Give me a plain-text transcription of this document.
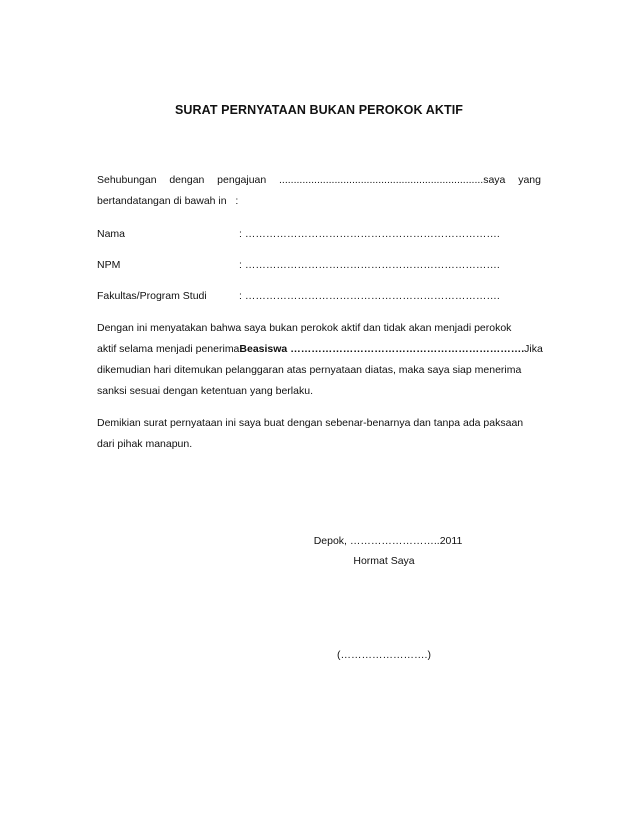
SURAT PERNYATAAN BUKAN PEROKOK AKTIF
Sehubungan dengan pengajuan ......................................................................saya yang
bertandatangan di bawah in   :
Nama	: ……………………………………………………………….
NPM	: ……………………………………………………………….
Fakultas/Program Studi	: ……………………………………………………………….
Dengan ini menyatakan bahwa saya bukan perokok aktif dan tidak akan menjadi perokok
aktif selama menjadi penerima Beasiswa …………………………………………………………. Jika
dikemudian hari ditemukan pelanggaran atas pernyataan diatas, maka saya siap menerima
sanksi sesuai dengan ketentuan yang berlaku.
Demikian surat pernyataan ini saya buat dengan sebenar-benarnya dan tanpa ada paksaan
dari pihak manapun.
Depok, ……………………..2011
Hormat Saya
(…………………….)
